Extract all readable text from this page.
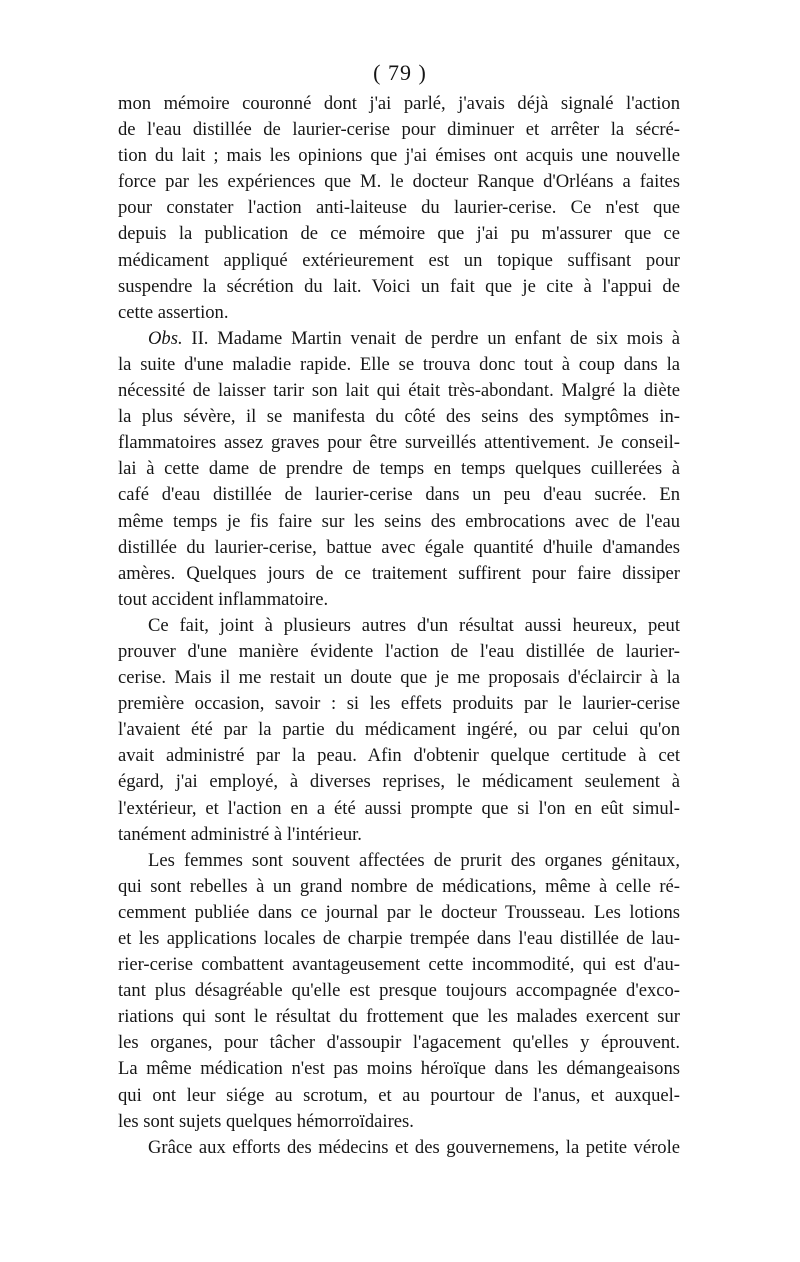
( 79 )
mon mémoire couronné dont j'ai parlé, j'avais déjà signalé l'action
de l'eau distillée de laurier-cerise pour diminuer et arrêter la sécré-
tion du lait ; mais les opinions que j'ai émises ont acquis une nouvelle
force par les expériences que M. le docteur Ranque d'Orléans a faites
pour constater l'action anti-laiteuse du laurier-cerise. Ce n'est que
depuis la publication de ce mémoire que j'ai pu m'assurer que ce
médicament appliqué extérieurement est un topique suffisant pour
suspendre la sécrétion du lait. Voici un fait que je cite à l'appui de
cette assertion.
Obs. II. Madame Martin venait de perdre un enfant de six mois à
la suite d'une maladie rapide. Elle se trouva donc tout à coup dans la
nécessité de laisser tarir son lait qui était très-abondant. Malgré la diète
la plus sévère, il se manifesta du côté des seins des symptômes in-
flammatoires assez graves pour être surveillés attentivement. Je conseil-
lai à cette dame de prendre de temps en temps quelques cuillerées à
café d'eau distillée de laurier-cerise dans un peu d'eau sucrée. En
même temps je fis faire sur les seins des embrocations avec de l'eau
distillée du laurier-cerise, battue avec égale quantité d'huile d'amandes
amères. Quelques jours de ce traitement suffirent pour faire dissiper
tout accident inflammatoire.
Ce fait, joint à plusieurs autres d'un résultat aussi heureux, peut
prouver d'une manière évidente l'action de l'eau distillée de laurier-
cerise. Mais il me restait un doute que je me proposais d'éclaircir à la
première occasion, savoir : si les effets produits par le laurier-cerise
l'avaient été par la partie du médicament ingéré, ou par celui qu'on
avait administré par la peau. Afin d'obtenir quelque certitude à cet
égard, j'ai employé, à diverses reprises, le médicament seulement à
l'extérieur, et l'action en a été aussi prompte que si l'on en eût simul-
tanément administré à l'intérieur.
Les femmes sont souvent affectées de prurit des organes génitaux,
qui sont rebelles à un grand nombre de médications, même à celle ré-
cemment publiée dans ce journal par le docteur Trousseau. Les lotions
et les applications locales de charpie trempée dans l'eau distillée de lau-
rier-cerise combattent avantageusement cette incommodité, qui est d'au-
tant plus désagréable qu'elle est presque toujours accompagnée d'exco-
riations qui sont le résultat du frottement que les malades exercent sur
les organes, pour tâcher d'assoupir l'agacement qu'elles y éprouvent.
La même médication n'est pas moins héroïque dans les démangeaisons
qui ont leur siége au scrotum, et au pourtour de l'anus, et auxquel-
les sont sujets quelques hémorroïdaires.
Grâce aux efforts des médecins et des gouvernemens, la petite vérole
